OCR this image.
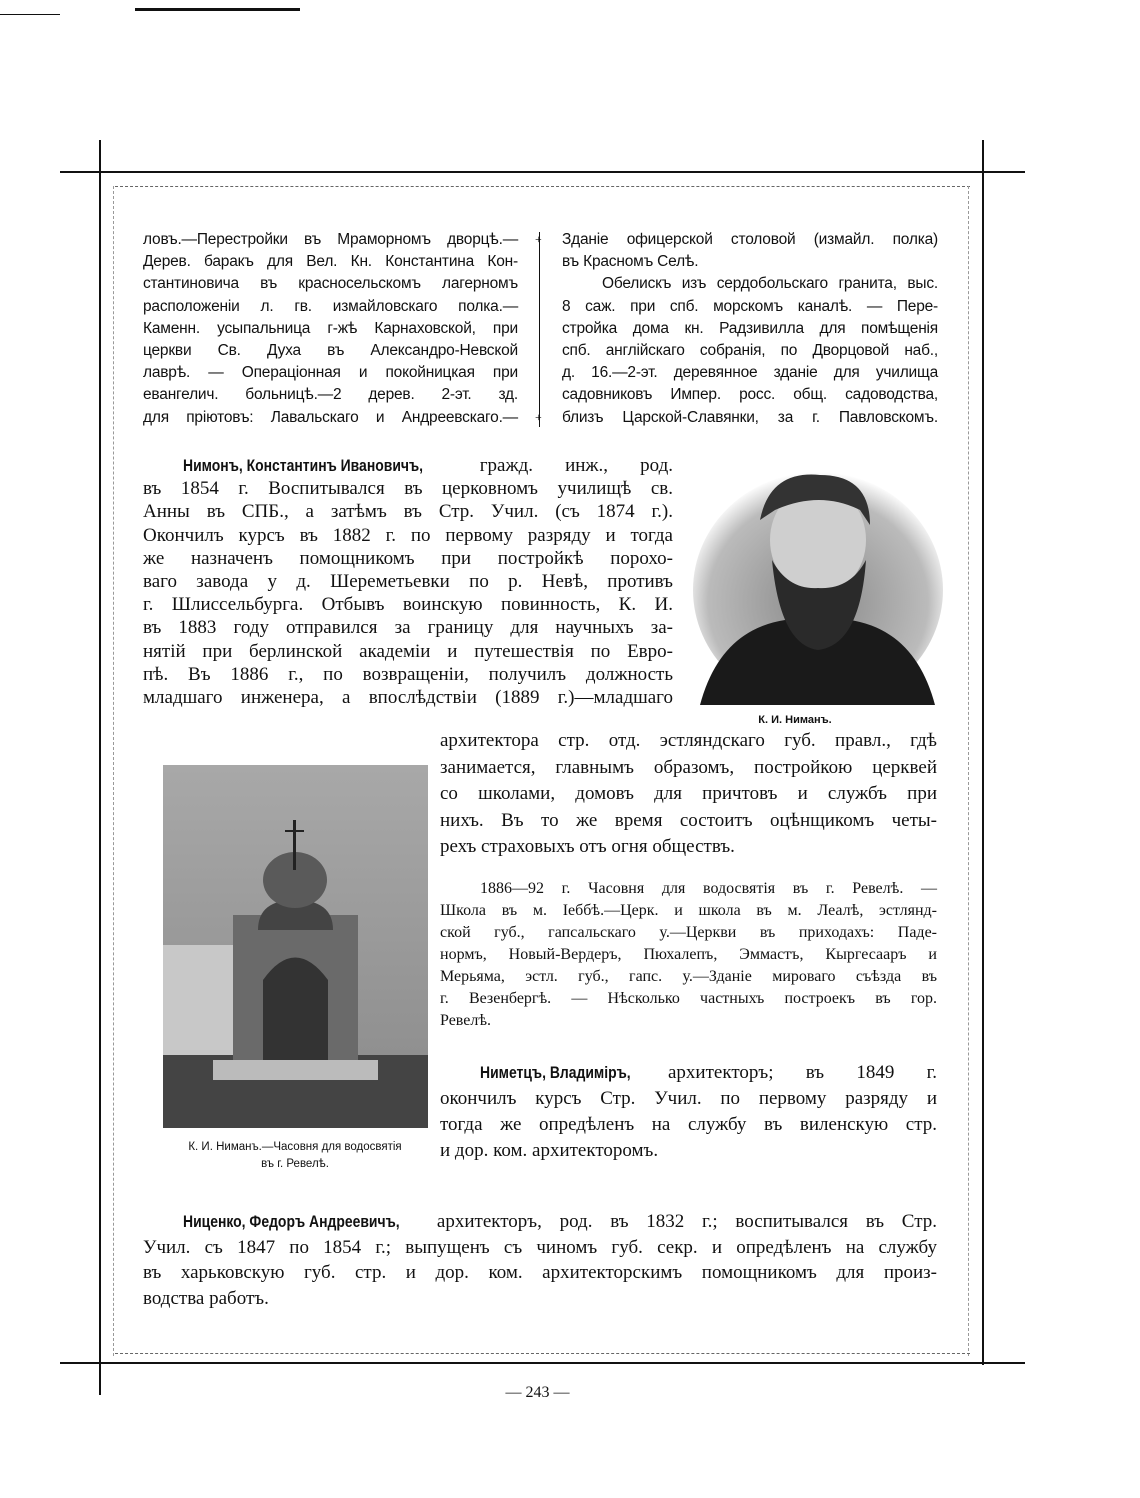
ловъ.—Перестройки въ Мраморномъ дворцѣ.—
Дерев. баракъ для Вел. Кн. Константина Кон-
стантиновича въ красносельскомъ лагерномъ
расположенiи л. гв. измайловскаго полка.—
Каменн. усыпальница г-жѣ Карнаховской, при
церкви Св. Духа въ Александро-Невской
лаврѣ. — Операцiонная и покойницкая при
евангелич. больницѣ.—2 дерев. 2-эт. зд.
для прiютовъ: Лавальскаго и Андреевскаго.—
+
+
Зданiе офицерской столовой (измайл. полка)
въ Красномъ Селѣ.
Обелискъ изъ сердобольскаго гранита, выс.
8 саж. при спб. морскомъ каналѣ. — Пере-
стройка дома кн. Радзивилла для помѣщенiя
спб. англiйскаго собранiя, по Дворцовой наб.,
д. 16.—2-эт. деревянное зданiе для училища
садовниковъ Импер. росс. общ. садоводства,
близъ Царской-Славянки, за г. Павловскомъ.
Нимонъ, Константинъ Ивановичъ,	гражд. инж., род.
въ 1854 г. Воспитывался въ церковномъ училищѣ св.
Анны въ СПБ., а затѣмъ въ Стр. Учил. (съ 1874 г.).
Окончилъ курсъ въ 1882 г. по первому разряду и тогда
же назначенъ помощникомъ при постройкѣ порохо-
ваго завода у д. Шереметьевки по р. Невѣ, противъ
г. Шлиссельбурга. Отбывъ воинскую повинность, К. И.
въ 1883 году отправился за границу для научныхъ за-
нятiй при берлинской академiи и путешествiя по Евро-
пѣ. Въ 1886 г., по возвращенiи, получилъ должность
младшаго инженера, а впослѣдствiи (1889 г.)—младшаго
К. И. Ниманъ.
архитектора стр. отд. эстляндскаго губ. правл., гдѣ
занимается, главнымъ образомъ, постройкою церквей
со школами, домовъ для причтовъ и службъ при
нихъ. Въ то же время состоитъ оцѣнщикомъ четы-
рехъ страховыхъ отъ огня обществъ.
1886—92 г. Часовня для водосвятiя въ г. Ревелѣ. —
Школа въ м. Iеббѣ.—Церк. и школа въ м. Леалѣ, эстлянд-
ской губ., гапсальскаго у.—Церкви въ приходахъ: Паде-
нормъ, Новый-Вердеръ, Пюхалепъ, Эммастъ, Кыргесааръ и
Мерьяма, эстл. губ., гапс. у.—Зданiе мироваго съѣзда въ
г. Везенбергѣ. — Нѣсколько частныхъ построекъ въ гор.
Ревелѣ.
К. И. Ниманъ.—Часовня для водосвятiя
въ г. Ревелѣ.
Ниметцъ, Владимiръ, архитекторъ; въ 1849 г.
окончилъ курсъ Стр. Учил. по первому разряду и
тогда же опредѣленъ на службу въ виленскую стр.
и дор. ком. архитекторомъ.
Ниценко, Федоръ Андреевичъ, архитекторъ, род. въ 1832 г.; воспитывался въ Стр.
Учил. съ 1847 по 1854 г.; выпущенъ съ чиномъ губ. секр. и опредѣленъ на службу
въ харьковскую губ. стр. и дор. ком. архитекторскимъ помощникомъ для произ-
водства работъ.
— 243 —
